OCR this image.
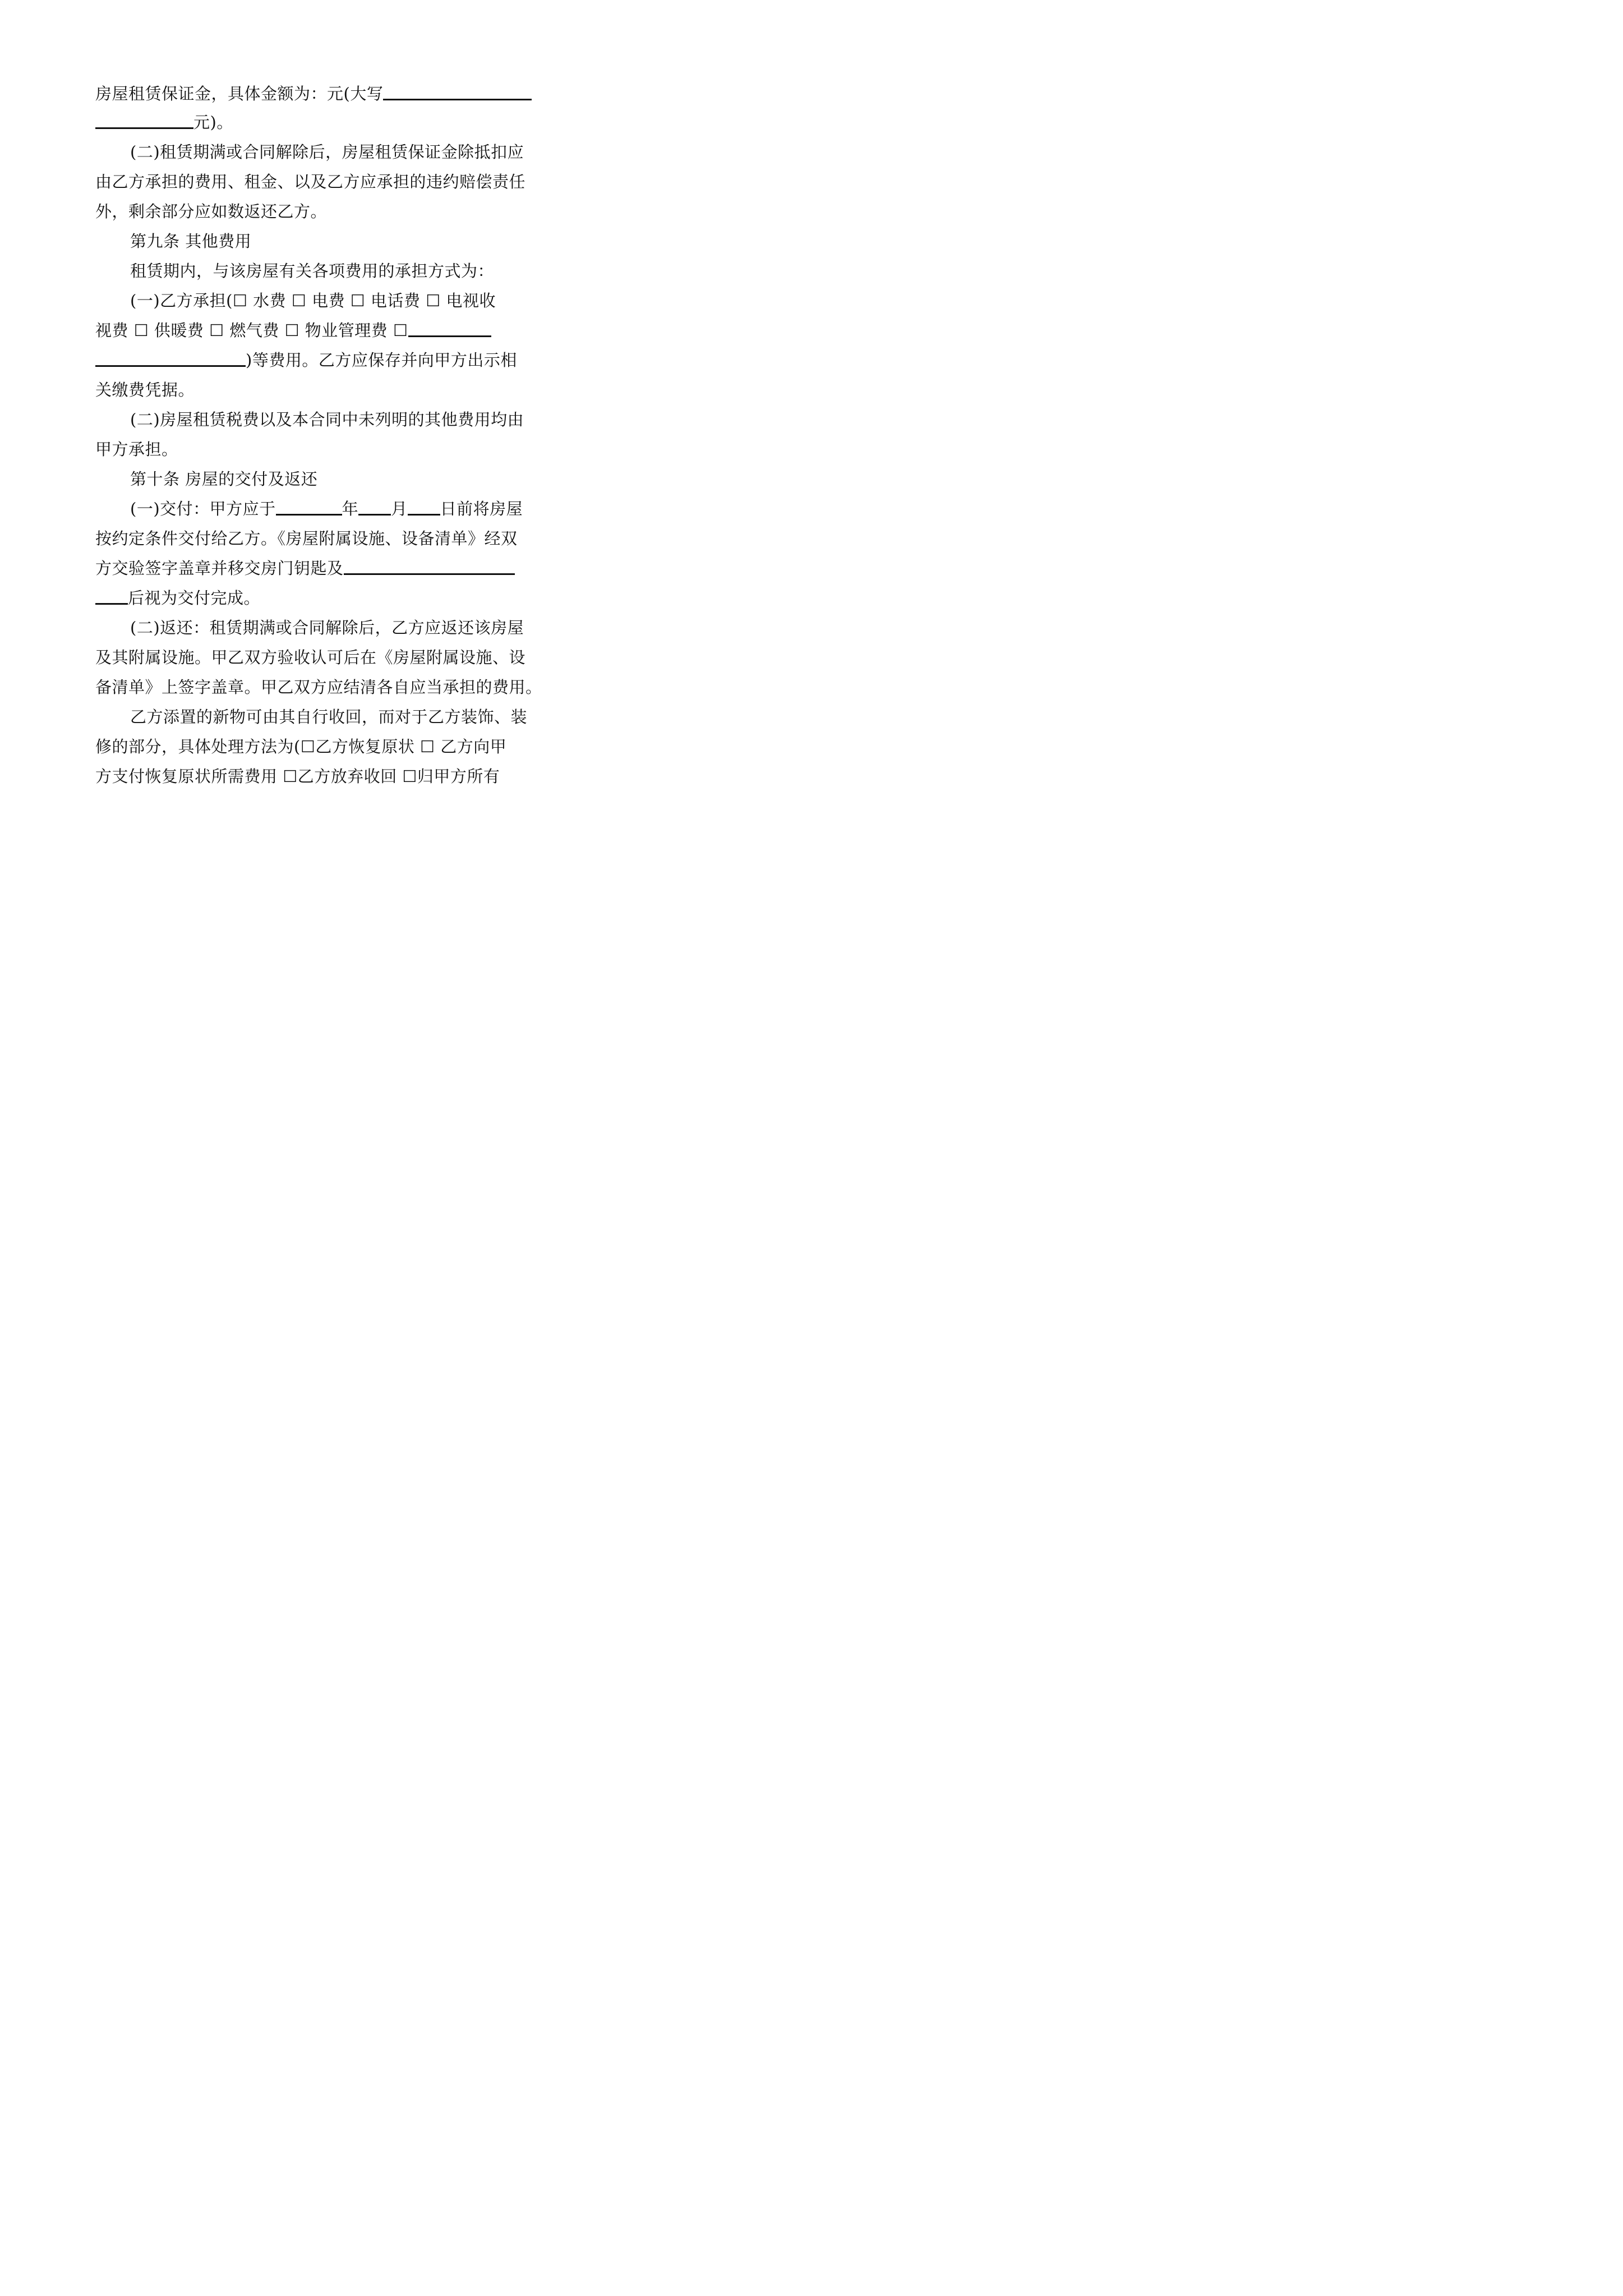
房屋租赁保证金，具体金额为：元(大写
元)。
(二)租赁期满或合同解除后，房屋租赁保证金除抵扣应
由乙方承担的费用、租金、以及乙方应承担的违约赔偿责任
外，剩余部分应如数返还乙方。
第九条 其他费用
租赁期内，与该房屋有关各项费用的承担方式为：
(一)乙方承担(☐ 水费 ☐ 电费 ☐ 电话费 ☐ 电视收
视费 ☐ 供暖费 ☐ 燃气费 ☐ 物业管理费 ☐
)等费用。乙方应保存并向甲方出示相
关缴费凭据。
(二)房屋租赁税费以及本合同中未列明的其他费用均由
甲方承担。
第十条 房屋的交付及返还
(一)交付：甲方应于	年 月 日前将房屋
按约定条件交付给乙方。《房屋附属设施、设备清单》经双
方交验签字盖章并移交房门钥匙及
后视为交付完成。
(二)返还：租赁期满或合同解除后，乙方应返还该房屋
及其附属设施。甲乙双方验收认可后在《房屋附属设施、设
备清单》上签字盖章。甲乙双方应结清各自应当承担的费用。
乙方添置的新物可由其自行收回，而对于乙方装饰、装
修的部分，具体处理方法为(☐乙方恢复原状 ☐ 乙方向甲
方支付恢复原状所需费用 ☐乙方放弃收回 ☐归甲方所有
